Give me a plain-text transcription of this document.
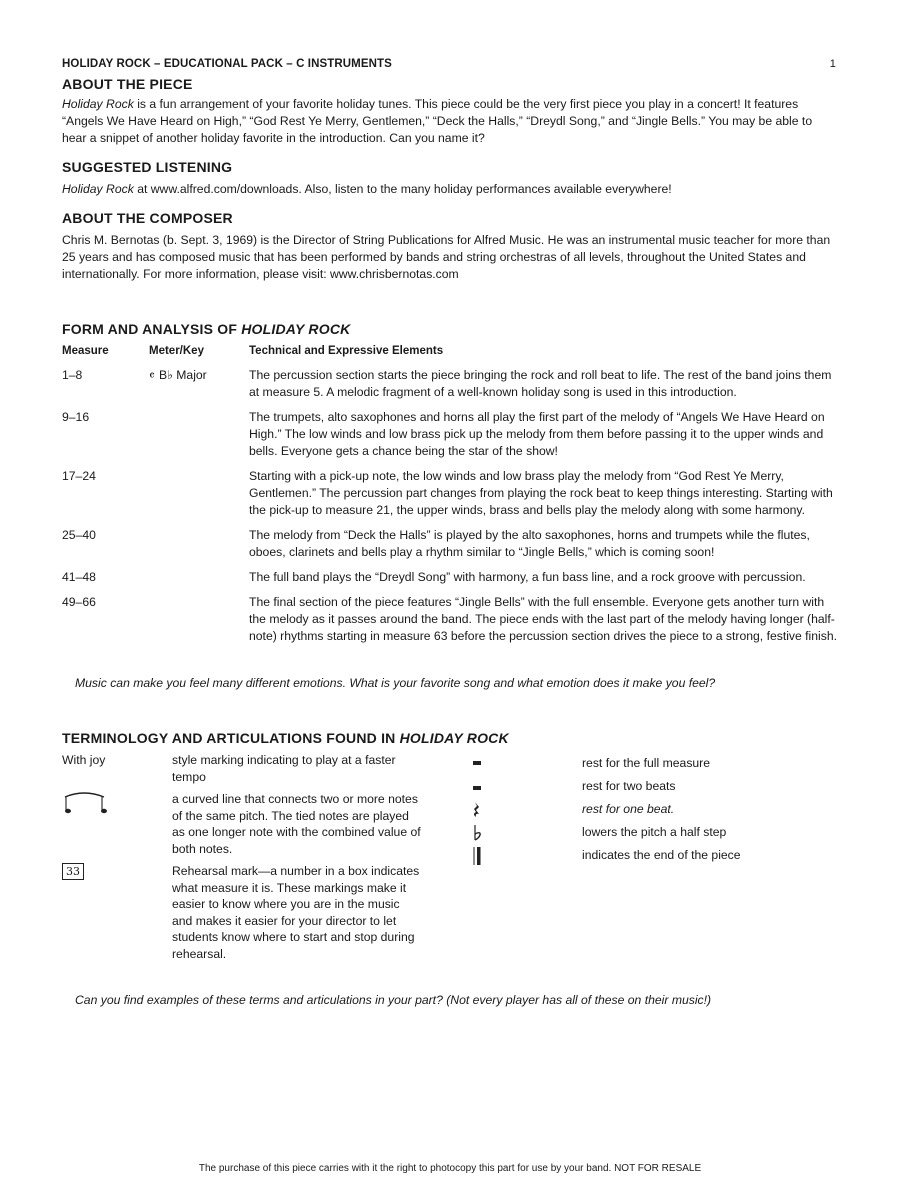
HOLIDAY ROCK – EDUCATIONAL PACK – C INSTRUMENTS	1
ABOUT THE PIECE

Holiday Rock is a fun arrangement of your favorite holiday tunes. This piece could be the very first piece you play in a concert! It features “Angels We Have Heard on High,” “God Rest Ye Merry, Gentlemen,” “Deck the Halls,” “Dreydl Song,” and “Jingle Bells.” You may be able to hear a snippet of another holiday favorite in the introduction. Can you name it?

SUGGESTED LISTENING

Holiday Rock at www.alfred.com/downloads. Also, listen to the many holiday performances available everywhere!

ABOUT THE COMPOSER

Chris M. Bernotas (b. Sept. 3, 1969) is the Director of String Publications for Alfred Music. He was an instrumental music teacher for more than 25 years and has composed music that has been performed by bands and string orchestras of all levels, throughout the United States and internationally. For more information, please visit: www.chrisbernotas.com

FORM AND ANALYSIS OF HOLIDAY ROCK
Measure	Meter/Key	Technical and Expressive Elements
1–8	𝄴 B♭ Major	The percussion section starts the piece bringing the rock and roll beat to life. The rest of the band joins them at measure 5. A melodic fragment of a well-known holiday song is used in this introduction.
9–16	The trumpets, alto saxophones and horns all play the first part of the melody of “Angels We Have Heard on High.” The low winds and low brass pick up the melody from them before passing it to the upper winds and bells. Everyone gets a chance being the star of the show!
17–24	Starting with a pick-up note, the low winds and low brass play the melody from “God Rest Ye Merry, Gentlemen.” The percussion part changes from playing the rock beat to keep things interesting. Starting with the pick-up to measure 21, the upper winds, brass and bells play the melody along with some harmony.
25–40	The melody from “Deck the Halls” is played by the alto saxophones, horns and trumpets while the flutes, oboes, clarinets and bells play a rhythm similar to “Jingle Bells,” which is coming soon!
41–48	The full band plays the “Dreydl Song” with harmony, a fun bass line, and a rock groove with percussion.
49–66	The final section of the piece features “Jingle Bells” with the full ensemble. Everyone gets another turn with the melody as it passes around the band. The piece ends with the last part of the melody having longer (half-note) rhythms starting in measure 63 before the percussion section drives the piece to a strong, festive finish.

Music can make you feel many different emotions. What is your favorite song and what emotion does it make you feel?

TERMINOLOGY AND ARTICULATIONS FOUND IN HOLIDAY ROCK
With joy	style marking indicating to play at a faster tempo
a curved line that connects two or more notes of the same pitch. The tied notes are played as one longer note with the combined value of both notes.
33	Rehearsal mark—a number in a box indicates what measure it is. These markings make it easier to know where you are in the music and makes it easier for your director to let students know where to start and stop during rehearsal.
rest for the full measure
rest for two beats
rest for one beat.
lowers the pitch a half step
indicates the end of the piece

Can you find examples of these terms and articulations in your part? (Not every player has all of these on their music!)

The purchase of this piece carries with it the right to photocopy this part for use by your band. NOT FOR RESALE
